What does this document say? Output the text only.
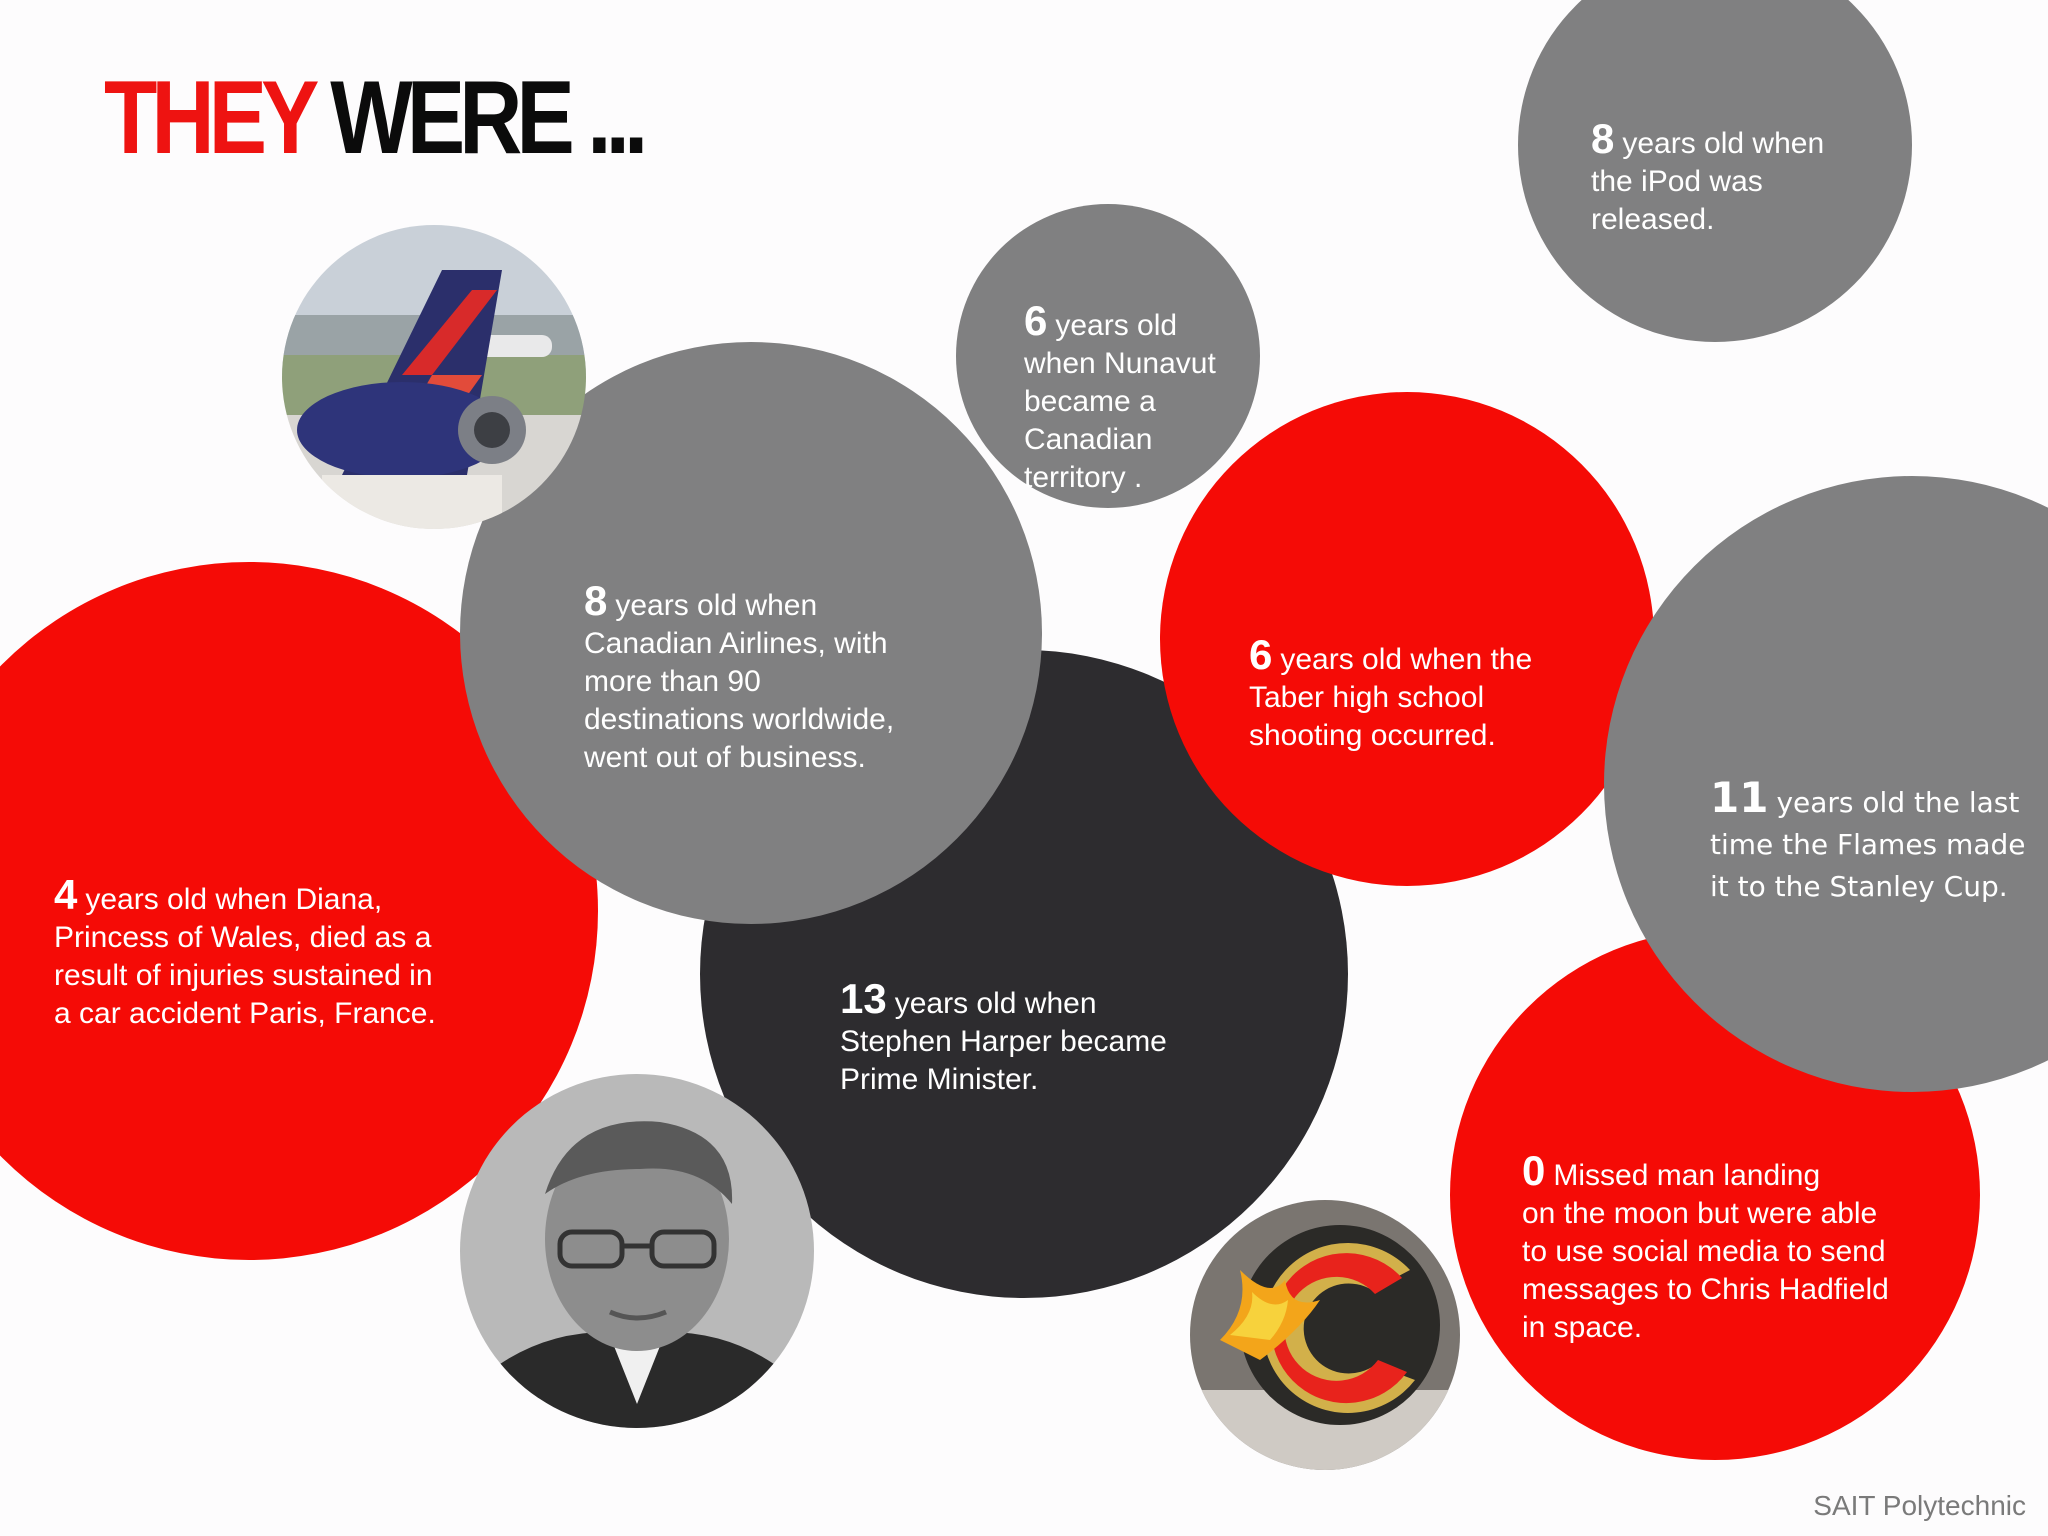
THEY WERE ...	8 years old when
the iPod was
released.

6 years old
when Nunavut
became a
Canadian
territory .

8 years old when
Canadian Airlines, with
more than 90
destinations worldwide,
went out of business.

6 years old when the
Taber high school
shooting occurred.

11 years old the last
time the Flames made
it to the Stanley Cup.

4 years old when Diana,
Princess of Wales, died as a
result of injuries sustained in
a car accident Paris, France.	13 years old when
Stephen Harper became
Prime Minister.

0 Missed man landing
on the moon but were able
to use social media to send
messages to Chris Hadfield
in space.

SAIT Polytechnic
